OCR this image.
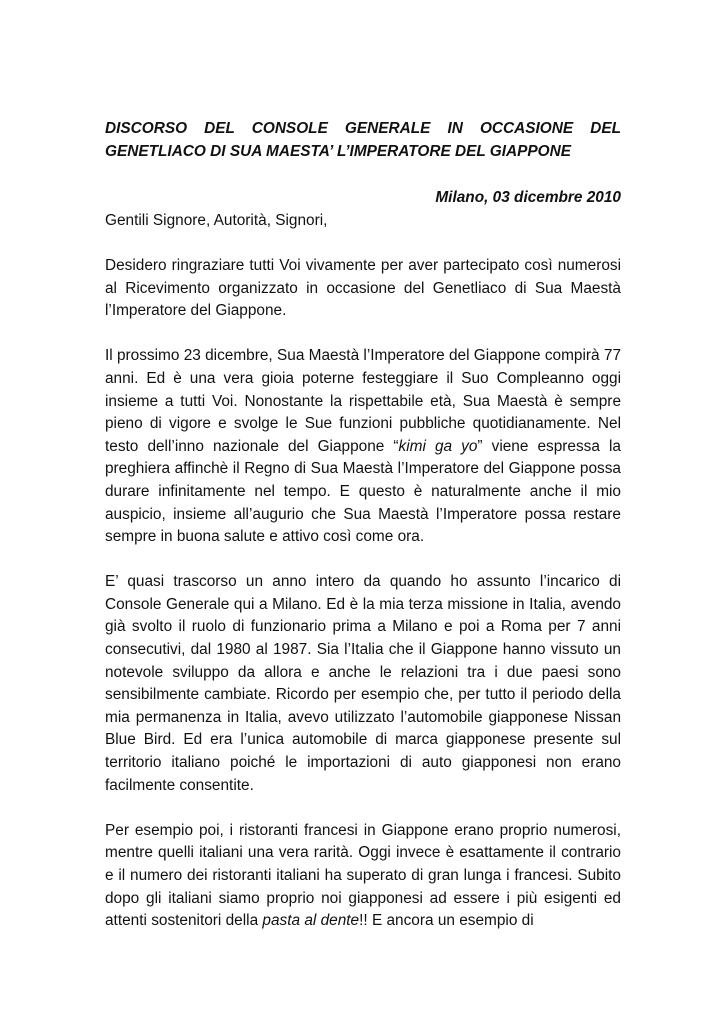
DISCORSO DEL CONSOLE GENERALE IN OCCASIONE DEL GENETLIACO DI SUA MAESTA’ L’IMPERATORE DEL GIAPPONE

Milano, 03 dicembre 2010

Gentili Signore, Autorità, Signori,

Desidero ringraziare tutti Voi vivamente per aver partecipato così numerosi al Ricevimento organizzato in occasione del Genetliaco di Sua Maestà l’Imperatore del Giappone.

Il prossimo 23 dicembre, Sua Maestà l’Imperatore del Giappone compirà 77 anni. Ed è una vera gioia poterne festeggiare il Suo Compleanno oggi insieme a tutti Voi. Nonostante la rispettabile età, Sua Maestà è sempre pieno di vigore e svolge le Sue funzioni pubbliche quotidianamente. Nel testo dell’inno nazionale del Giappone “kimi ga yo” viene espressa la preghiera affinchè il Regno di Sua Maestà l’Imperatore del Giappone possa durare infinitamente nel tempo. E questo è naturalmente anche il mio auspicio, insieme all’augurio che Sua Maestà l’Imperatore possa restare sempre in buona salute e attivo così come ora.

E’ quasi trascorso un anno intero da quando ho assunto l’incarico di Console Generale qui a Milano. Ed è la mia terza missione in Italia, avendo già svolto il ruolo di funzionario prima a Milano e poi a Roma per 7 anni consecutivi, dal 1980 al 1987. Sia l’Italia che il Giappone hanno vissuto un notevole sviluppo da allora e anche le relazioni tra i due paesi sono sensibilmente cambiate. Ricordo per esempio che, per tutto il periodo della mia permanenza in Italia, avevo utilizzato l’automobile giapponese Nissan Blue Bird. Ed era l’unica automobile di marca giapponese presente sul territorio italiano poiché le importazioni di auto giapponesi non erano facilmente consentite.

Per esempio poi, i ristoranti francesi in Giappone erano proprio numerosi, mentre quelli italiani una vera rarità. Oggi invece è esattamente il contrario e il numero dei ristoranti italiani ha superato di gran lunga i francesi. Subito dopo gli italiani siamo proprio noi giapponesi ad essere i più esigenti ed attenti sostenitori della pasta al dente!! E ancora un esempio di
